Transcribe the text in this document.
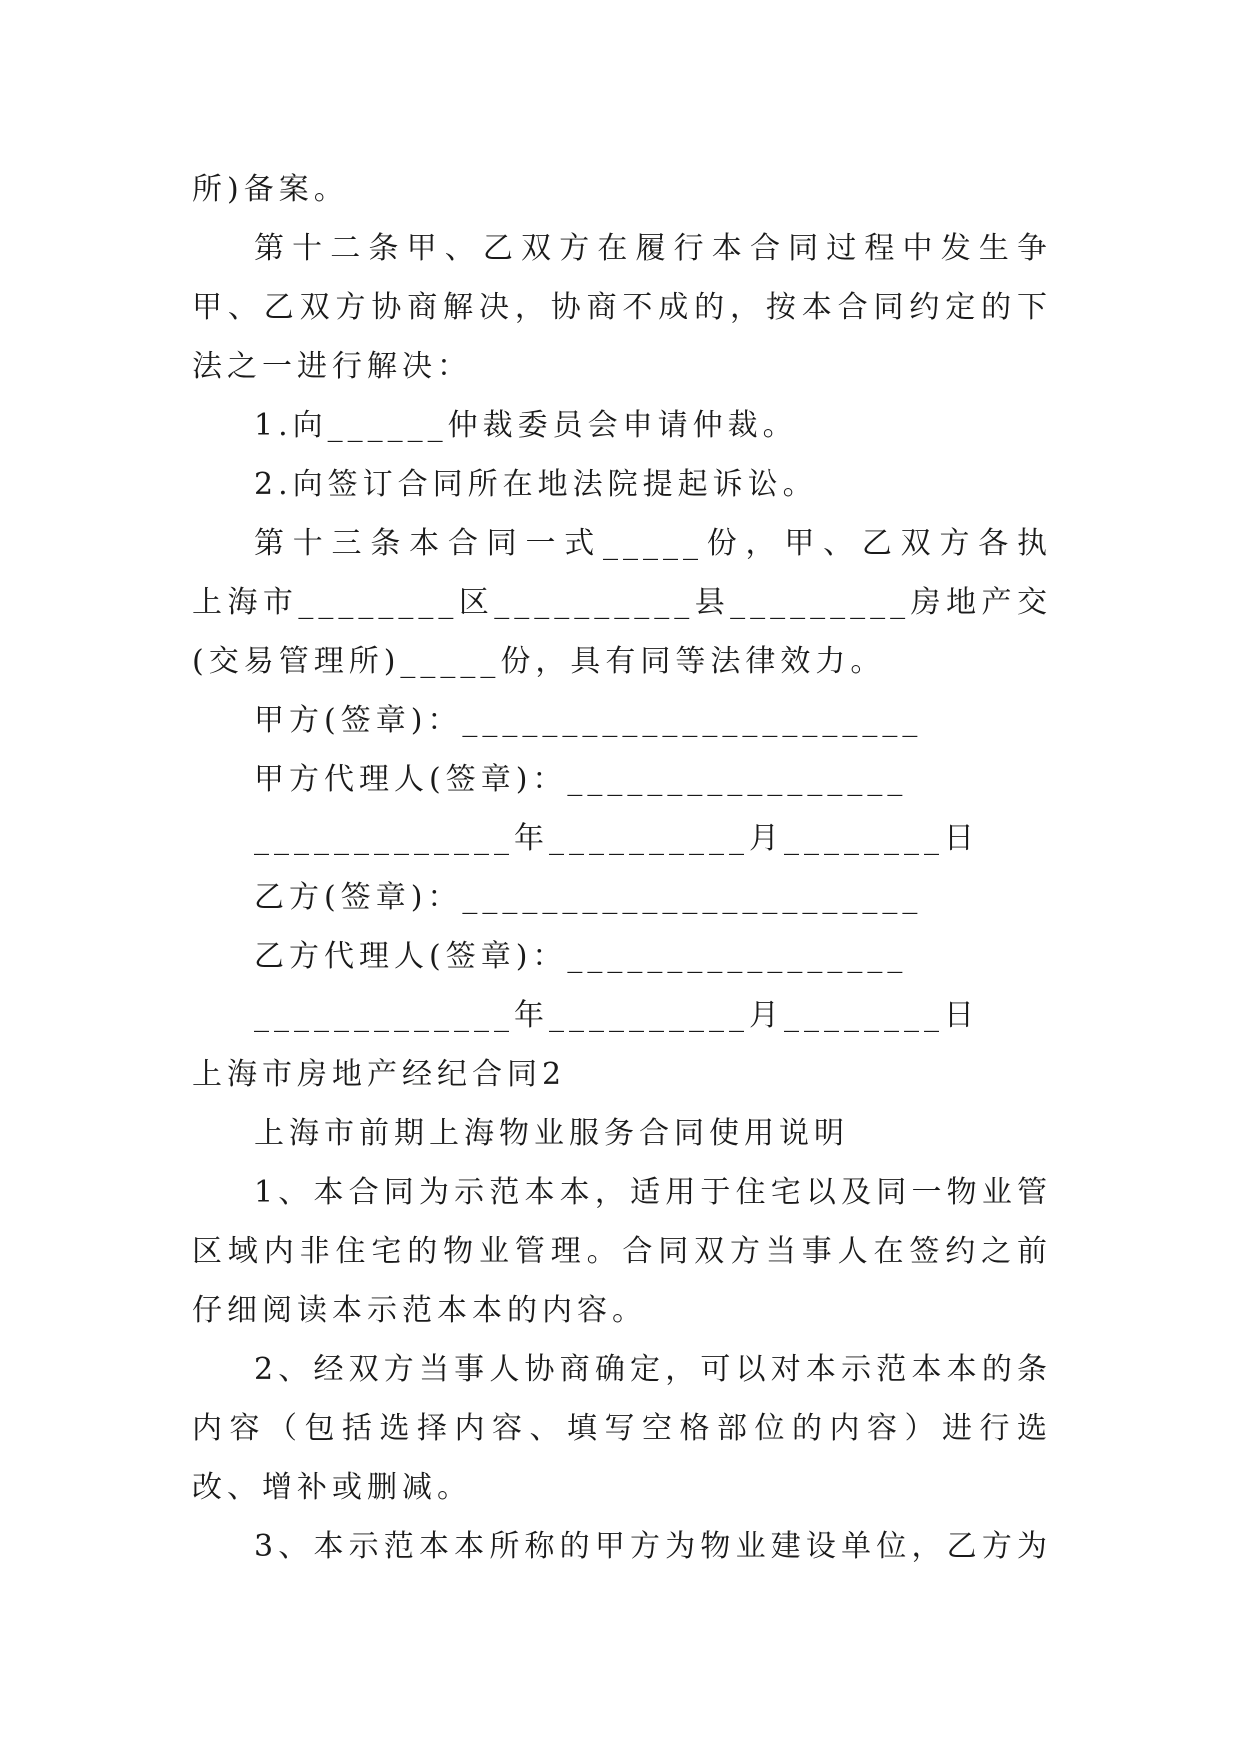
所)备案。
第十二条甲、乙双方在履行本合同过程中发生争
甲、乙双方协商解决，协商不成的，按本合同约定的下
法之一进行解决：
1.向______仲裁委员会申请仲裁。
2.向签订合同所在地法院提起诉讼。
第十三条本合同一式_____份，甲、乙双方各执
上海市________区__________县_________房地产交
(交易管理所)_____份，具有同等法律效力。
甲方(签章)：_______________________
甲方代理人(签章)：_________________
_____________年__________月________日
乙方(签章)：_______________________
乙方代理人(签章)：_________________
_____________年__________月________日
上海市房地产经纪合同2
上海市前期上海物业服务合同使用说明
1、本合同为示范本本，适用于住宅以及同一物业管
区域内非住宅的物业管理。合同双方当事人在签约之前
仔细阅读本示范本本的内容。
2、经双方当事人协商确定，可以对本示范本本的条
内容（包括选择内容、填写空格部位的内容）进行选
改、增补或删减。
3、本示范本本所称的甲方为物业建设单位，乙方为
